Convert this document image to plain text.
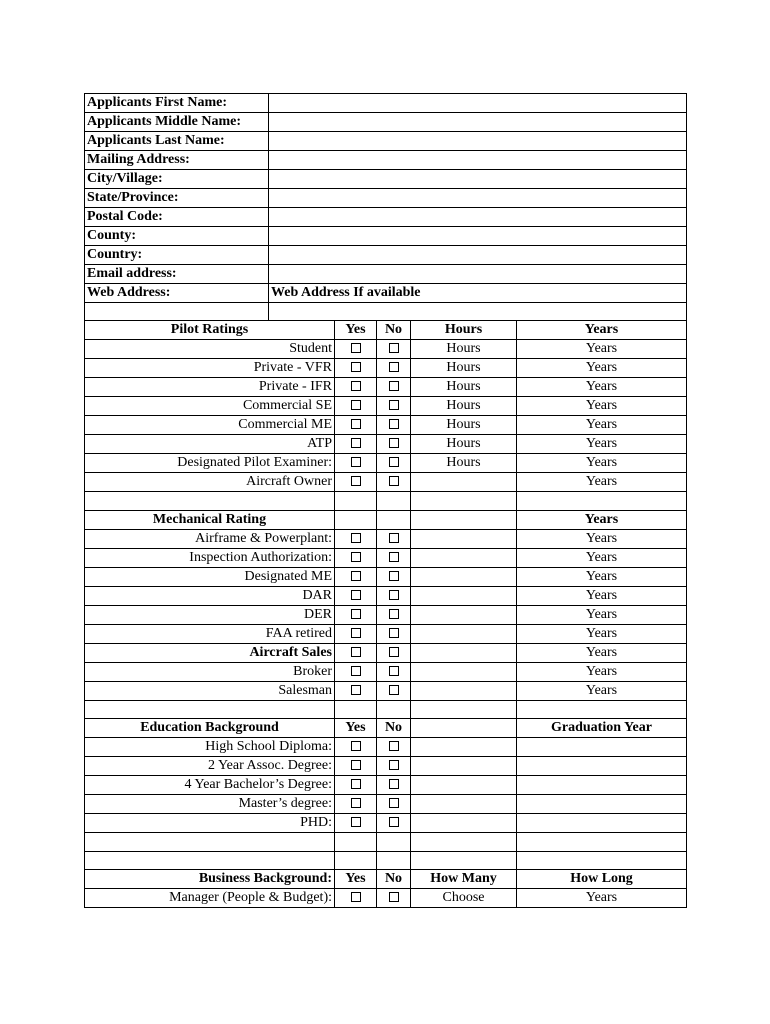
Applicants First Name:					
Applicants Middle Name:					
Applicants Last Name:					
Mailing Address:					
City/Village:					
State/Province:					
Postal Code:					
County:					
Country:					
Email address:					
Web Address:	Web Address If available				

Pilot Ratings		Yes	No	Hours	Years
Student				Hours	Years
Private - VFR				Hours	Years
Private - IFR				Hours	Years
Commercial SE				Hours	Years
Commercial ME				Hours	Years
ATP				Hours	Years
Designated Pilot Examiner:				Hours	Years
Aircraft Owner					Years

Mechanical Rating					Years
Airframe & Powerplant:					Years
Inspection Authorization:					Years
Designated ME					Years
DAR					Years
DER					Years
FAA retired					Years
Aircraft Sales					Years
Broker					Years
Salesman					Years

Education Background		Yes	No		Graduation Year
High School Diploma:					
2 Year Assoc. Degree:					
4 Year Bachelor’s Degree:					
Master’s degree:					
PHD:					

Business Background:		Yes	No	How Many	How Long
Manager (People & Budget):				Choose	Years
